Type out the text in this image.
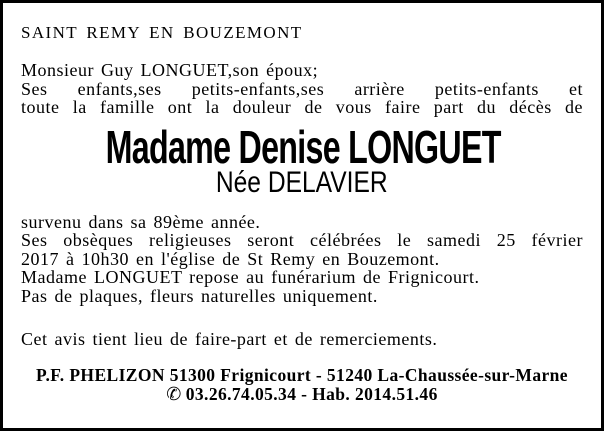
SAINT REMY EN BOUZEMONT
Monsieur Guy LONGUET,son époux;
Ses enfants,ses petits-enfants,ses arrière petits-enfants et
toute la famille ont la douleur de vous faire part du décès de
Madame Denise LONGUET
Née DELAVIER
survenu dans sa 89ème année.
Ses obsèques religieuses seront célébrées le samedi 25 février
2017 à 10h30 en l'église de St Remy en Bouzemont.
Madame LONGUET repose au funérarium de Frignicourt.
Pas de plaques, fleurs naturelles uniquement.
Cet avis tient lieu de faire-part et de remerciements.
P.F. PHELIZON 51300 Frignicourt - 51240 La-Chaussée-sur-Marne
✆ 03.26.74.05.34 - Hab. 2014.51.46
